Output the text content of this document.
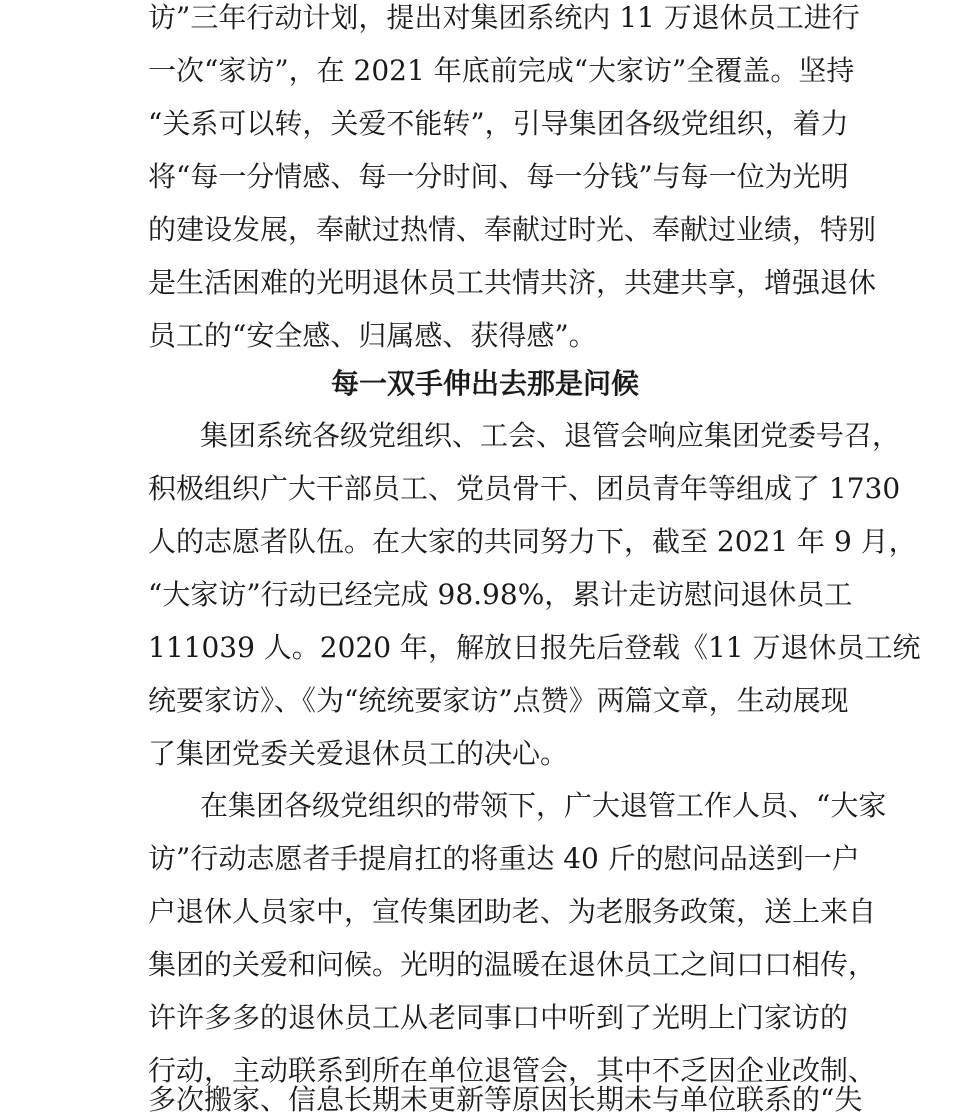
访”三年行动计划，提出对集团系统内 11 万退休员工进行
一次“家访”，在 2021 年底前完成“大家访”全覆盖。坚持
“关系可以转，关爱不能转”，引导集团各级党组织，着力
将“每一分情感、每一分时间、每一分钱”与每一位为光明
的建设发展，奉献过热情、奉献过时光、奉献过业绩，特别
是生活困难的光明退休员工共情共济，共建共享，增强退休
员工的“安全感、归属感、获得感”。
每一双手伸出去那是问候
集团系统各级党组织、工会、退管会响应集团党委号召，
积极组织广大干部员工、党员骨干、团员青年等组成了 1730
人的志愿者队伍。在大家的共同努力下，截至 2021 年 9 月，
“大家访”行动已经完成 98.98%，累计走访慰问退休员工
111039 人。2020 年，解放日报先后登载《11 万退休员工统
统要家访》、《为“统统要家访”点赞》两篇文章，生动展现
了集团党委关爱退休员工的决心。
在集团各级党组织的带领下，广大退管工作人员、“大家
访”行动志愿者手提肩扛的将重达 40 斤的慰问品送到一户
户退休人员家中，宣传集团助老、为老服务政策，送上来自
集团的关爱和问候。光明的温暖在退休员工之间口口相传，
许许多多的退休员工从老同事口中听到了光明上门家访的
行动，主动联系到所在单位退管会，其中不乏因企业改制、
多次搬家、信息长期未更新等原因长期未与单位联系的“失
